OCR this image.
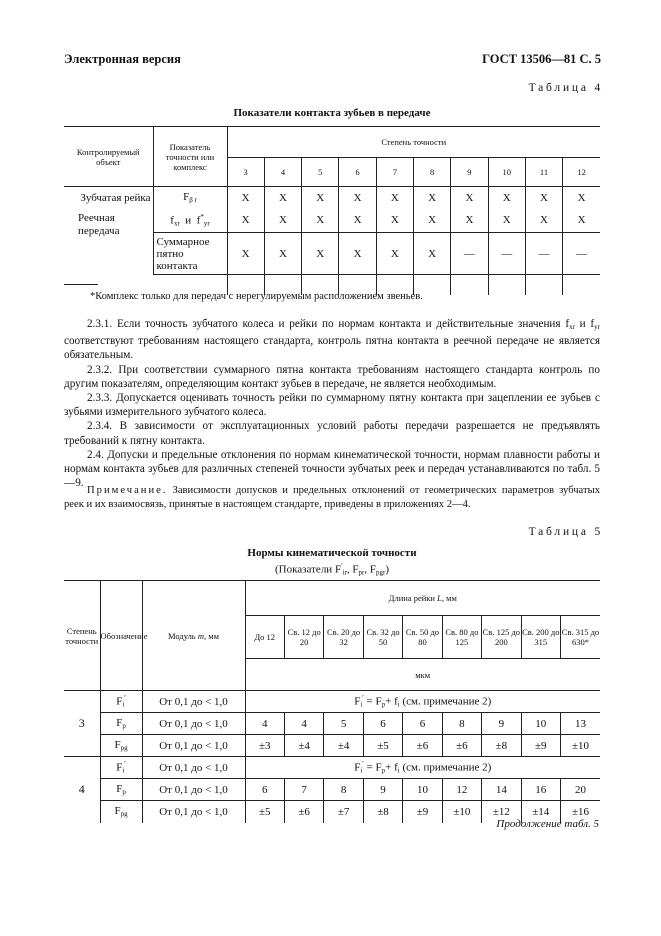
Электронная версия	ГОСТ 13506—81 С. 5
Таблица 4
Показатели контакта зубьев в передаче
Контролируемый объект	Показатель точности или комплекс	Степень точности									
		3	4	5	6	7	8	9	10	11	12
Зубчатая рейка	$F_{\beta r}$	X	X	X	X	X	X	X	X	X	X
Реечная передача	$f_{xr}$  и  $f^*_{yr}$	X	X	X	X	X	X	X	X	X	X
	Суммарное пятно контакта	X	X	X	X	X	X	—	—	—	—

*Комплекс только для передач с нерегулируемым расположением звеньев.

2.3.1. Если точность зубчатого колеса и рейки по нормам контакта и действительные значения $f_{xr}$ и $f_{yr}$ соответствуют требованиям настоящего стандарта, контроль пятна контакта в реечной передаче не является обязательным.

2.3.2. При соответствии суммарного пятна контакта требованиям настоящего стандарта контроль по другим показателям, определяющим контакт зубьев в передаче, не является необходимым.

2.3.3. Допускается оценивать точность рейки по суммарному пятну контакта при зацеплении ее зубьев с зубьями измерительного зубчатого колеса.

2.3.4. В зависимости от эксплуатационных условий работы передачи разрешается не предъявлять требований к пятну контакта.

2.4. Допуски и предельные отклонения по нормам кинематической точности, нормам плавности работы и нормам контакта зубьев для различных степеней точности зубчатых реек и передач устанавливаются по табл. 5—9.

Примечание. Зависимости допусков и предельных отклонений от геометрических параметров зубчатых реек и их взаимосвязь, принятые в настоящем стандарте, приведены в приложениях 2—4.

Таблица 5
Нормы кинематической точности
(Показатели $F'_{ir}$, $F_{pr}$, $F_{pgr}$)
Степень точности	Обозначение	Модуль m, мм	Длина рейки L, мм								
			До 12	Св. 12 до 20	Св. 20 до 32	Св. 32 до 50	Св. 50 до 80	Св. 80 до 125	Св. 125 до 200	Св. 200 до 315	Св. 315 до 630*
			мкм								
3	$F_i'$	От 0,1 до < 1,0	$F_i' = F_p+ f_i$ (см. примечание 2)								
	$F_p$	От 0,1 до < 1,0	4	4	5	6	6	8	9	10	13
	$F_{pg}$	От 0,1 до < 1,0	±3	±4	±4	±5	±6	±6	±8	±9	±10
4	$F_i'$	От 0,1 до < 1,0	$F_i' = F_p+ f_i$ (см. примечание 2)								
	$F_p$	От 0,1 до < 1,0	6	7	8	9	10	12	14	16	20
	$F_{pg}$	От 0,1 до < 1,0	±5	±6	±7	±8	±9	±10	±12	±14	±16
Продолжение табл. 5
